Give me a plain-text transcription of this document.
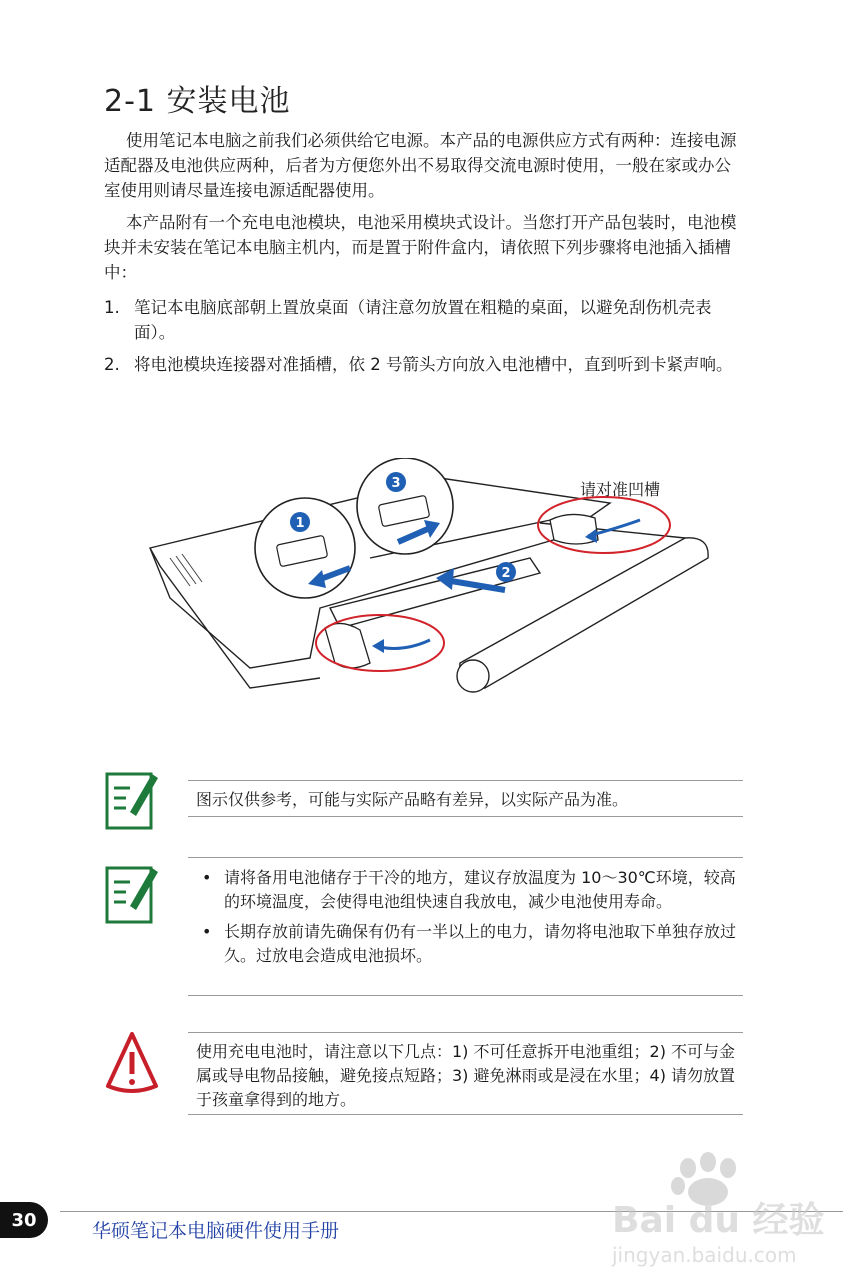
2-1 安装电池

使用笔记本电脑之前我们必须供给它电源。本产品的电源供应方式有两种：连接电源适配器及电池供应两种，后者为方便您外出不易取得交流电源时使用，一般在家或办公室使用则请尽量连接电源适配器使用。

本产品附有一个充电电池模块，电池采用模块式设计。当您打开产品包装时，电池模块并未安装在笔记本电脑主机内，而是置于附件盒内，请依照下列步骤将电池插入插槽中：

1. 笔记本电脑底部朝上置放桌面（请注意勿放置在粗糙的桌面，以避免刮伤机壳表面）。
2. 将电池模块连接器对准插槽，依 2 号箭头方向放入电池槽中，直到听到卡紧声响。
1
3
2
请对准凹槽
图示仅供参考，可能与实际产品略有差异，以实际产品为准。
• 请将备用电池储存于干冷的地方，建议存放温度为 10～30℃环境，较高的环境温度，会使得电池组快速自我放电，减少电池使用寿命。
• 长期存放前请先确保有仍有一半以上的电力，请勿将电池取下单独存放过久。过放电会造成电池损坏。
使用充电电池时，请注意以下几点：1) 不可任意拆开电池重组；2) 不可与金属或导电物品接触，避免接点短路；3) 避免淋雨或是浸在水里；4) 请勿放置于孩童拿得到的地方。
30	华硕笔记本电脑硬件使用手册	Bai du 经验
jingyan.baidu.com
